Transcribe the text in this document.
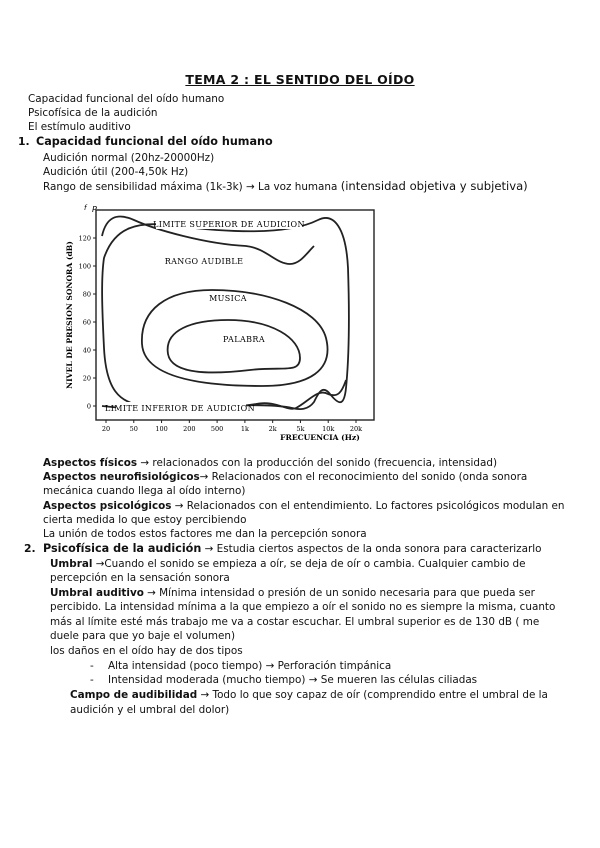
TEMA 2 : EL SENTIDO DEL OÍDO
Capacidad funcional del oído humano
Psicofísica de la audición
El estímulo auditivo
1. Capacidad funcional del oído humano
Audición normal (20hz-20000Hz)
Audición útil (200-4,50k Hz)
Rango de sensibilidad máxima (1k-3k) → La voz humana (intensidad objetiva y subjetiva)
0
20
40
60
80
100
120
20	50	100 200 500	1k	2k	5k	10k 20k
P
f
NIVEL DE PRESION SONORA (dB)
FRECUENCIA (Hz)
LIMITE SUPERIOR DE AUDICION
RANGO AUDIBLE
MUSICA
PALABRA
LIMITE INFERIOR DE AUDICION
Aspectos físicos → relacionados con la producción del sonido (frecuencia, intensidad)
Aspectos neurofisiológicos→ Relacionados con el reconocimiento del sonido (onda sonora
mecánica cuando llega al oído interno)
Aspectos psicológicos → Relacionados con el entendimiento. Lo factores psicológicos modulan en
cierta medida lo que estoy percibiendo
La unión de todos estos factores me dan la percepción sonora
2. Psicofísica de la audición → Estudia ciertos aspectos de la onda sonora para caracterizarlo
Umbral →Cuando el sonido se empieza a oír, se deja de oír o cambia. Cualquier cambio de
percepción en la sensación sonora
Umbral auditivo → Mínima intensidad o presión de un sonido necesaria para que pueda ser
percibido. La intensidad mínima a la que empiezo a oír el sonido no es siempre la misma, cuanto
más al límite esté más trabajo me va a costar escuchar. El umbral superior es de 130 dB ( me
duele para que yo baje el volumen)
los daños en el oído hay de dos tipos
- Alta intensidad (poco tiempo) → Perforación timpánica
- Intensidad moderada (mucho tiempo) → Se mueren las células ciliadas
Campo de audibilidad → Todo lo que soy capaz de oír (comprendido entre el umbral de la
audición y el umbral del dolor)
